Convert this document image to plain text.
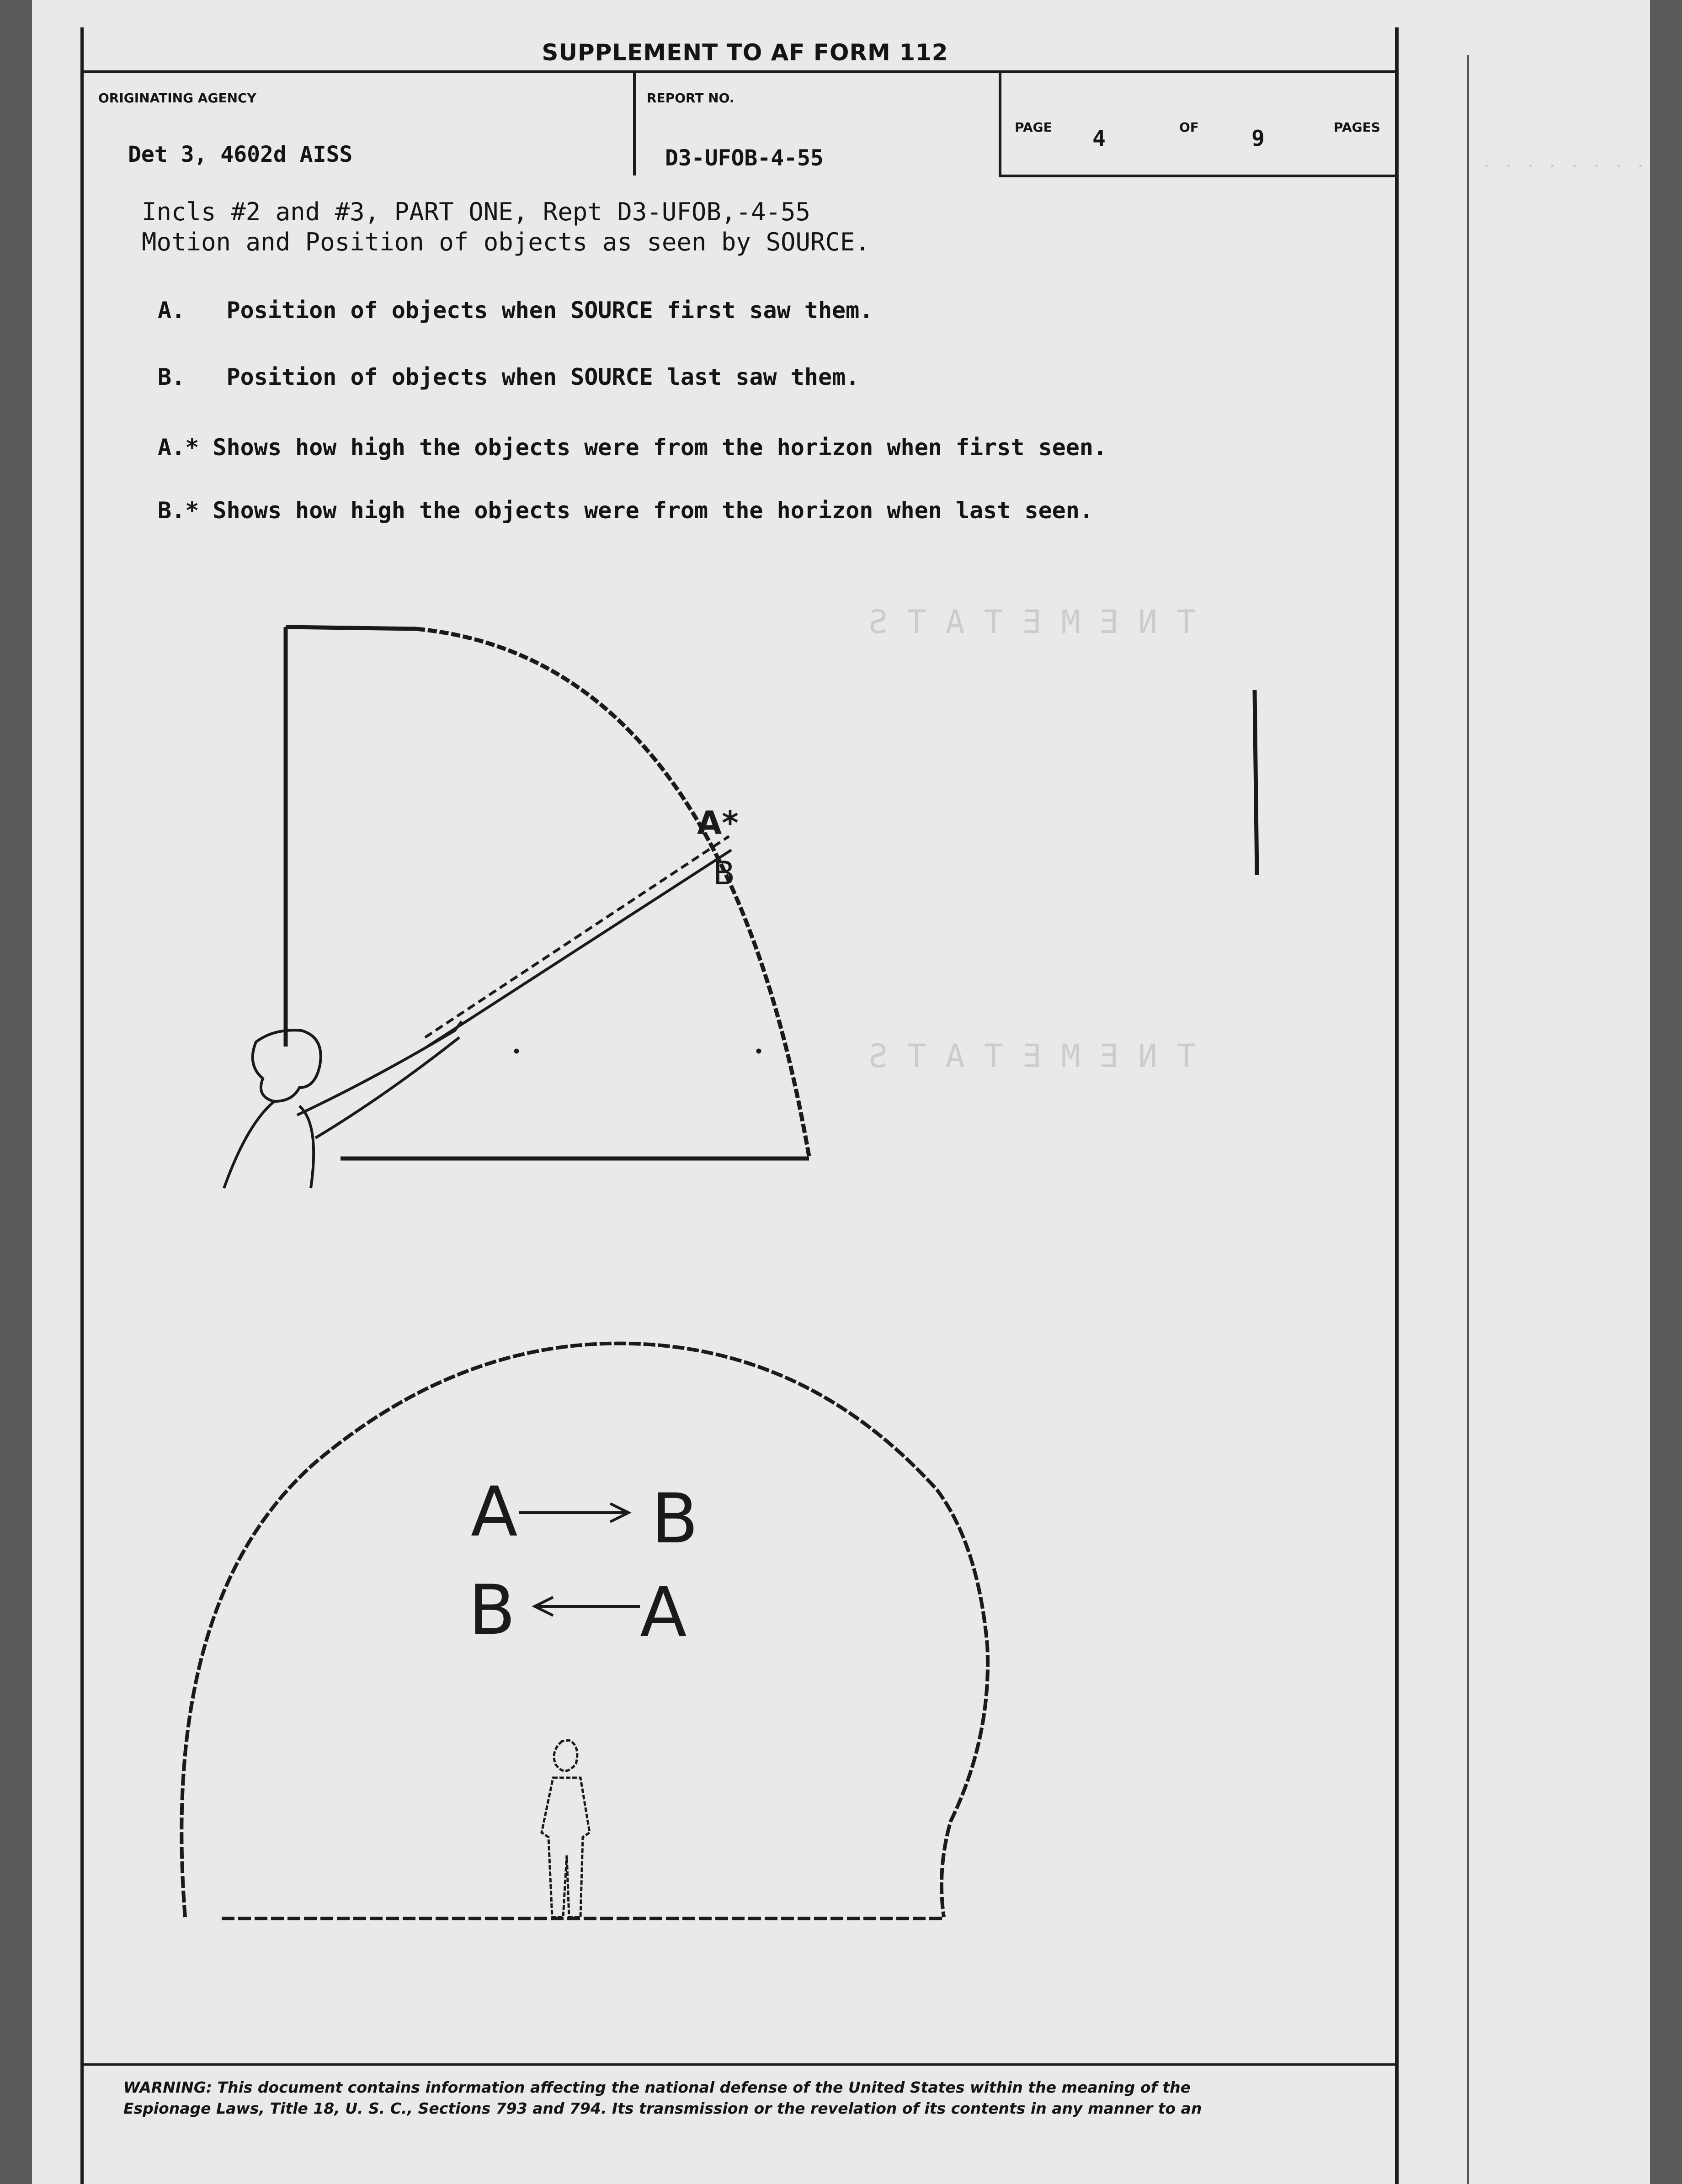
SUPPLEMENT TO AF FORM 112
ORIGINATING AGENCY
Det 3, 4602d AISS
REPORT NO.
D3-UFOB-4-55
PAGE 4	OF 9	PAGES
. . . . . . . .
T N E M E T A T S
T N E M E T A T S
Incls #2 and #3, PART ONE, Rept D3-UFOB,-4-55
Motion and Position of objects as seen by SOURCE.
A. Position of objects when SOURCE first saw them.
B. Position of objects when SOURCE last saw them.
A.* Shows how high the objects were from the horizon when first seen.
B.* Shows how high the objects were from the horizon when last seen.
A*
B
A B
B A
WARNING: This document contains information affecting the national defense of the United States within the meaning of the
Espionage Laws, Title 18, U. S. C., Sections 793 and 794. Its transmission or the revelation of its contents in any manner to an
